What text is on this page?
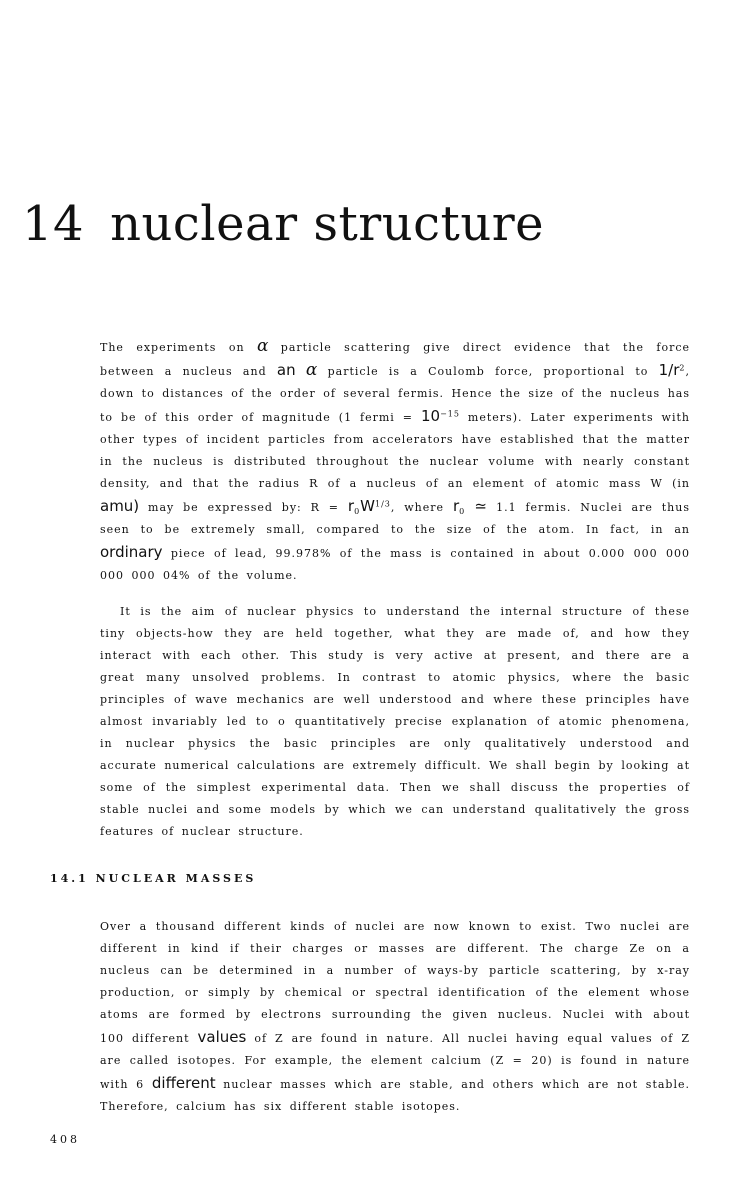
14 nuclear structure

The experiments on α particle scattering give direct evidence that the force between a nucleus and an α particle is a Coulomb force, proportional to $1/r^2$, down to distances of the order of several fermis. Hence the size of the nucleus has to be of this order of magnitude (1 fermi = $10^{-15}$ meters). Later experiments with other types of incident particles from accelerators have established that the matter in the nucleus is distributed throughout the nuclear volume with nearly constant density, and that the radius R of a nucleus of an element of atomic mass W (in amu) may be expressed by: $R = r_0W^{1/3}$, where $r_0$ ≃ 1.1 fermis. Nuclei are thus seen to be extremely small, compared to the size of the atom. In fact, in an ordinary piece of lead, 99.978% of the mass is contained in about 0.000 000 000 000 000 04% of the volume.

It is the aim of nuclear physics to understand the internal structure of these tiny objects-how they are held together, what they are made of, and how they interact with each other. This study is very active at present, and there are a great many unsolved problems. In contrast to atomic physics, where the basic principles of wave mechanics are well understood and where these principles have almost invariably led to o quantitatively precise explanation of atomic phenomena, in nuclear physics the basic principles are only qualitatively understood and accurate numerical calculations are extremely difficult. We shall begin by looking at some of the simplest experimental data. Then we shall discuss the properties of stable nuclei and some models by which we can understand qualitatively the gross features of nuclear structure.

14.1 NUCLEAR MASSES

Over a thousand different kinds of nuclei are now known to exist. Two nuclei are different in kind if their charges or masses are different. The charge Ze on a nucleus can be determined in a number of ways-by particle scattering, by x-ray production, or simply by chemical or spectral identification of the element whose atoms are formed by electrons surrounding the given nucleus. Nuclei with about 100 different values of Z are found in nature. All nuclei having equal values of Z are called isotopes. For example, the element calcium (Z = 20) is found in nature with 6 different nuclear masses which are stable, and others which are not stable. Therefore, calcium has six different stable isotopes.

408
